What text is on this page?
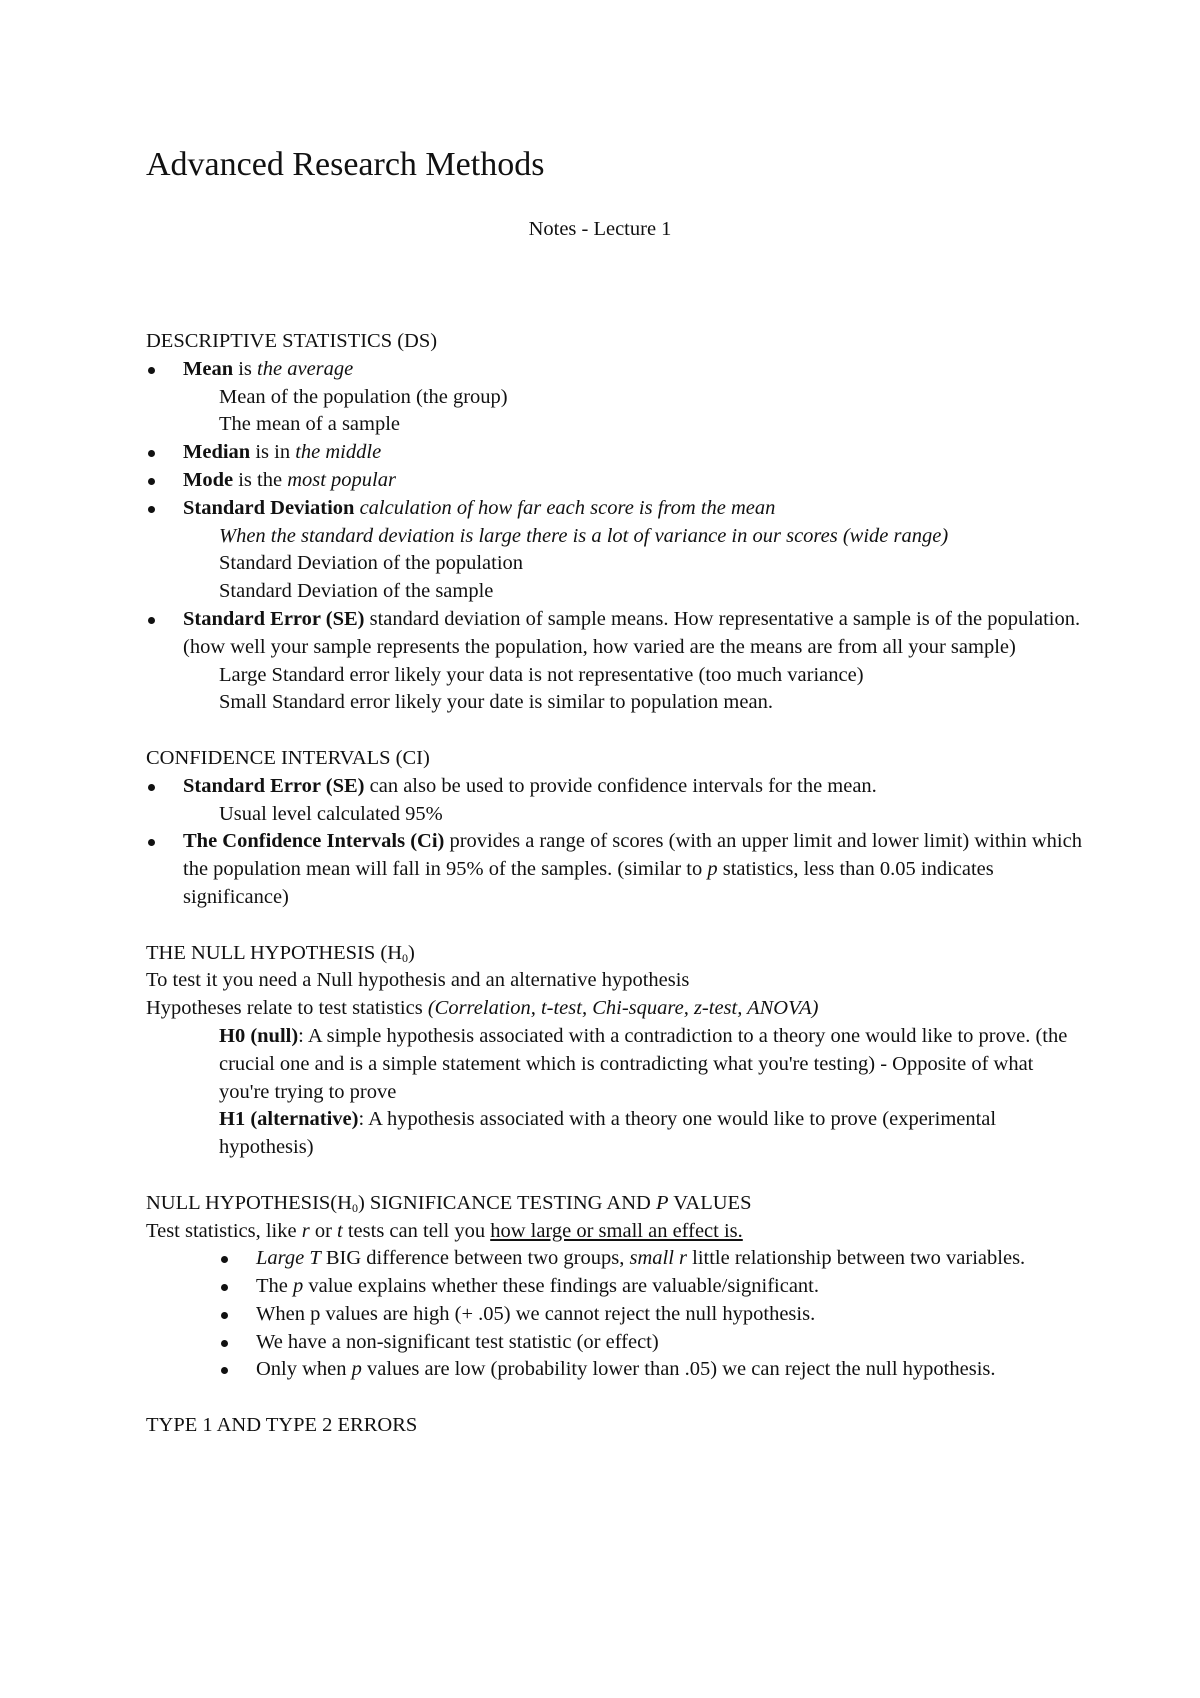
Advanced Research Methods
Notes - Lecture 1
DESCRIPTIVE STATISTICS (DS)
Mean is the average
Mean of the population (the group)
The mean of a sample
Median is in the middle
Mode is the most popular
Standard Deviation calculation of how far each score is from the mean
When the standard deviation is large there is a lot of variance in our scores (wide range)
Standard Deviation of the population
Standard Deviation of the sample
Standard Error (SE) standard deviation of sample means. How representative a sample is of the population. (how well your sample represents the population, how varied are the means are from all your sample)
Large Standard error likely your data is not representative (too much variance)
Small Standard error likely your date is similar to population mean.
CONFIDENCE INTERVALS (CI)
Standard Error (SE) can also be used to provide confidence intervals for the mean.
Usual level calculated 95%
The Confidence Intervals (Ci) provides a range of scores (with an upper limit and lower limit) within which the population mean will fall in 95% of the samples. (similar to p statistics, less than 0.05 indicates significance)
THE NULL HYPOTHESIS $(H_0)$
To test it you need a Null hypothesis and an alternative hypothesis
Hypotheses relate to test statistics (Correlation, t-test, Chi-square, z-test, ANOVA)
H0 (null): A simple hypothesis associated with a contradiction to a theory one would like to prove. (the crucial one and is a simple statement which is contradicting what you're testing) - Opposite of what you're trying to prove
H1 (alternative): A hypothesis associated with a theory one would like to prove (experimental hypothesis)
NULL $HYPOTHESIS(H_0)$ SIGNIFICANCE TESTING AND P VALUES
Test statistics, like r or t tests can tell you how large or small an effect is.
Large T BIG difference between two groups, small r little relationship between two variables.
The p value explains whether these findings are valuable/significant.
When p values are high (+ .05) we cannot reject the null hypothesis.
We have a non-significant test statistic (or effect)
Only when p values are low (probability lower than .05) we can reject the null hypothesis.
TYPE 1 AND TYPE 2 ERRORS
